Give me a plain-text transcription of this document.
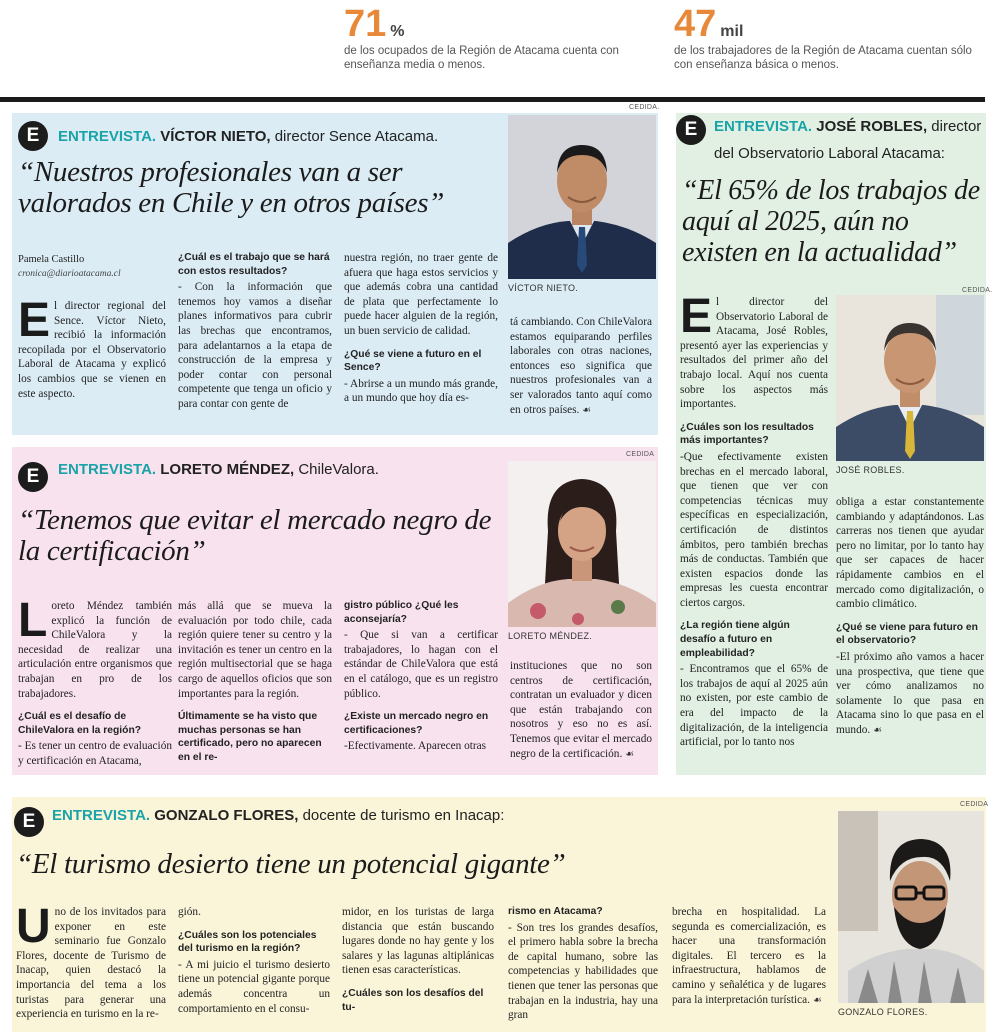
71 %
de los ocupados de la Región de Atacama cuenta con enseñanza media o menos.
47 mil
de los trabajadores de la Región de Atacama cuentan sólo con enseñanza básica o menos.
CEDIDA.
E	ENTREVISTA. VÍCTOR NIETO, director Sence Atacama.
“Nuestros profesionales van a ser valorados en Chile y en otros países”
VÍCTOR NIETO.
Pamela Castillo
cronica@diarioatacama.cl

El director regional del Sence. Víctor Nieto, recibió la información recopilada por el Observatorio Laboral de Atacama y explicó los cambios que se vienen en este aspecto.

¿Cuál es el trabajo que se hará con estos resultados?

- Con la información que tenemos hoy vamos a diseñar planes informativos para cubrir las brechas que encontramos, para adelantarnos a la etapa de construcción de la empresa y poder contar con personal competente que tenga un oficio y para contar con gente de

nuestra región, no traer gente de afuera que haga estos servicios y que además cobra una cantidad de plata que perfectamente lo puede hacer alguien de la región, un buen servicio de calidad.

¿Qué se viene a futuro en el Sence?

- Abrirse a un mundo más grande, a un mundo que hoy día es-

tá cambiando. Con ChileValora estamos equiparando perfiles laborales con otras naciones, entonces eso significa que nuestros profesionales van a ser valorados tanto aquí como en otros países. ☙

E	ENTREVISTA. JOSÉ ROBLES, director del Observatorio Laboral Atacama:
“El 65% de los trabajos de aquí al 2025, aún no existen en la actualidad”
CEDIDA.
JOSÉ ROBLES.

El director del Observatorio Laboral de Atacama, José Robles, presentó ayer las experiencias y resultados del primer año del trabajo local. Aquí nos cuenta sobre los aspectos más importantes.

¿Cuáles son los resultados más importantes?

-Que efectivamente existen brechas en el mercado laboral, que tienen que ver con competencias técnicas muy específicas en especialización, certificación de distintos ámbitos, pero también brechas más de conductas. También que existen espacios donde las empresas les cuesta encontrar ciertos cargos.

¿La región tiene algún desafío a futuro en empleabilidad?

- Encontramos que el 65% de los trabajos de aquí al 2025 aún no existen, por este cambio de era del impacto de la digitalización, de la inteligencia artificial, por lo tanto nos

obliga a estar constantemente cambiando y adaptándonos. Las carreras nos tienen que ayudar pero no limitar, por lo tanto hay que ser capaces de hacer rápidamente cambios en el mercado como digitalización, o cambio climático.

¿Qué se viene para futuro en el observatorio?

-El próximo año vamos a hacer una prospectiva, que tiene que ver cómo analizamos no solamente lo que pasa en Atacama sino lo que pasa en el mundo. ☙

CEDIDA
E	ENTREVISTA. LORETO MÉNDEZ, ChileValora.
“Tenemos que evitar el mercado negro de la certificación”
LORETO MÉNDEZ.

Loreto Méndez también explicó la función de ChileValora y la necesidad de realizar una articulación entre organismos que trabajan en pro de los trabajadores.

¿Cuál es el desafío de ChileValora en la región?

- Es tener un centro de evaluación y certificación en Atacama,

más allá que se mueva la evaluación por todo chile, cada región quiere tener su centro y la invitación es tener un centro en la región multisectorial que se haga cargo de aquellos oficios que son importantes para la región.

Últimamente se ha visto que muchas personas se han certificado, pero no aparecen en el re-
gistro público ¿Qué les aconsejaría?

- Que si van a certificar trabajadores, lo hagan con el estándar de ChileValora que está en el catálogo, que es un registro público.

¿Existe un mercado negro en certificaciones?

-Efectivamente. Aparecen otras

instituciones que no son centros de certificación, contratan un evaluador y dicen que están trabajando con nosotros y eso no es así. Tenemos que evitar el mercado negro de la certificación. ☙

CEDIDA
E	ENTREVISTA. GONZALO FLORES, docente de turismo en Inacap:
“El turismo desierto tiene un potencial gigante”
GONZALO FLORES.

Uno de los invitados para exponer en este seminario fue Gonzalo Flores, docente de Turismo de Inacap, quien destacó la importancia del tema a los turistas para generar una experiencia en turismo en la re-

gión.

¿Cuáles son los potenciales del turismo en la región?

- A mi juicio el turismo desierto tiene un potencial gigante porque además concentra un comportamiento en el consu-

midor, en los turistas de larga distancia que están buscando lugares donde no hay gente y los salares y las lagunas altiplánicas tienen esas características.

¿Cuáles son los desafíos del tu-
rismo en Atacama?

- Son tres los grandes desafíos, el primero habla sobre la brecha de capital humano, sobre las competencias y habilidades que tienen que tener las personas que trabajan en la industria, hay una gran

brecha en hospitalidad. La segunda es comercialización, es hacer una transformación digitales. El tercero es la infraestructura, hablamos de camino y señalética y de lugares para la interpretación turística. ☙
